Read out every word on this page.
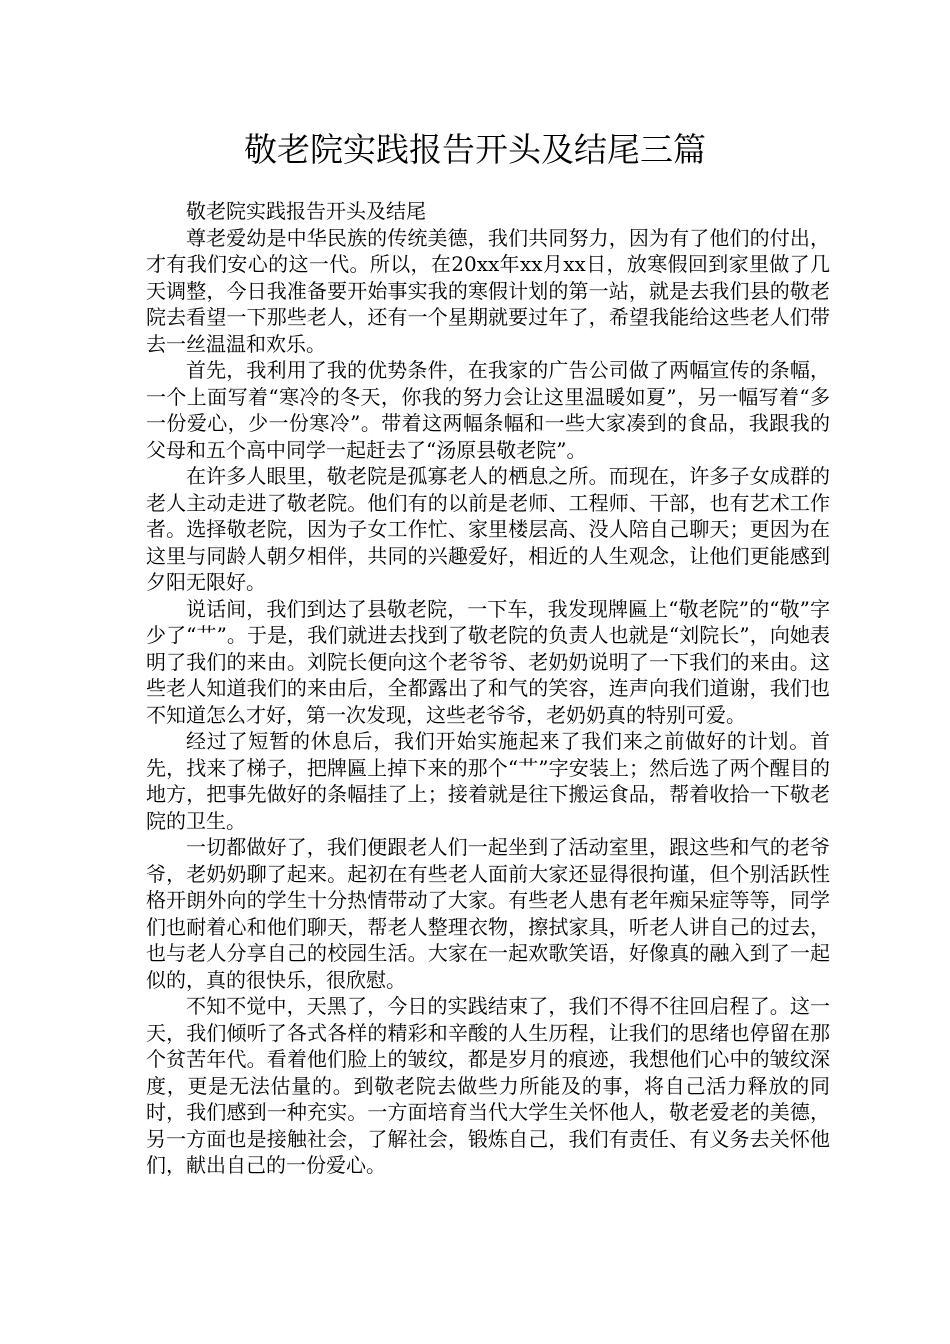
敬老院实践报告开头及结尾三篇

敬老院实践报告开头及结尾

尊老爱幼是中华民族的传统美德，我们共同努力，因为有了他们的付出，才有我们安心的这一代。所以，在20xx年xx月xx日，放寒假回到家里做了几天调整，今日我准备要开始事实我的寒假计划的第一站，就是去我们县的敬老院去看望一下那些老人，还有一个星期就要过年了，希望我能给这些老人们带去一丝温温和欢乐。

首先，我利用了我的优势条件，在我家的广告公司做了两幅宣传的条幅，一个上面写着“寒冷的冬天，你我的努力会让这里温暖如夏”，另一幅写着“多一份爱心，少一份寒冷”。带着这两幅条幅和一些大家凑到的食品，我跟我的父母和五个高中同学一起赶去了“汤原县敬老院”。

在许多人眼里，敬老院是孤寡老人的栖息之所。而现在，许多子女成群的老人主动走进了敬老院。他们有的以前是老师、工程师、干部，也有艺术工作者。选择敬老院，因为子女工作忙、家里楼层高、没人陪自己聊天；更因为在这里与同龄人朝夕相伴，共同的兴趣爱好，相近的人生观念，让他们更能感到夕阳无限好。

说话间，我们到达了县敬老院，一下车，我发现牌匾上“敬老院”的“敬”字少了“艹”。于是，我们就进去找到了敬老院的负责人也就是“刘院长”，向她表明了我们的来由。刘院长便向这个老爷爷、老奶奶说明了一下我们的来由。这些老人知道我们的来由后，全都露出了和气的笑容，连声向我们道谢，我们也不知道怎么才好，第一次发现，这些老爷爷，老奶奶真的特别可爱。

经过了短暂的休息后，我们开始实施起来了我们来之前做好的计划。首先，找来了梯子，把牌匾上掉下来的那个“艹”字安装上；然后选了两个醒目的地方，把事先做好的条幅挂了上；接着就是往下搬运食品，帮着收拾一下敬老院的卫生。

一切都做好了，我们便跟老人们一起坐到了活动室里，跟这些和气的老爷爷，老奶奶聊了起来。起初在有些老人面前大家还显得很拘谨，但个别活跃性格开朗外向的学生十分热情带动了大家。有些老人患有老年痴呆症等等，同学们也耐着心和他们聊天，帮老人整理衣物，擦拭家具，听老人讲自己的过去，也与老人分享自己的校园生活。大家在一起欢歌笑语，好像真的融入到了一起似的，真的很快乐，很欣慰。

不知不觉中，天黑了，今日的实践结束了，我们不得不往回启程了。这一天，我们倾听了各式各样的精彩和辛酸的人生历程，让我们的思绪也停留在那个贫苦年代。看着他们脸上的皱纹，都是岁月的痕迹，我想他们心中的皱纹深度，更是无法估量的。到敬老院去做些力所能及的事，将自己活力释放的同时，我们感到一种充实。一方面培育当代大学生关怀他人，敬老爱老的美德，另一方面也是接触社会，了解社会，锻炼自己，我们有责任、有义务去关怀他们，献出自己的一份爱心。
